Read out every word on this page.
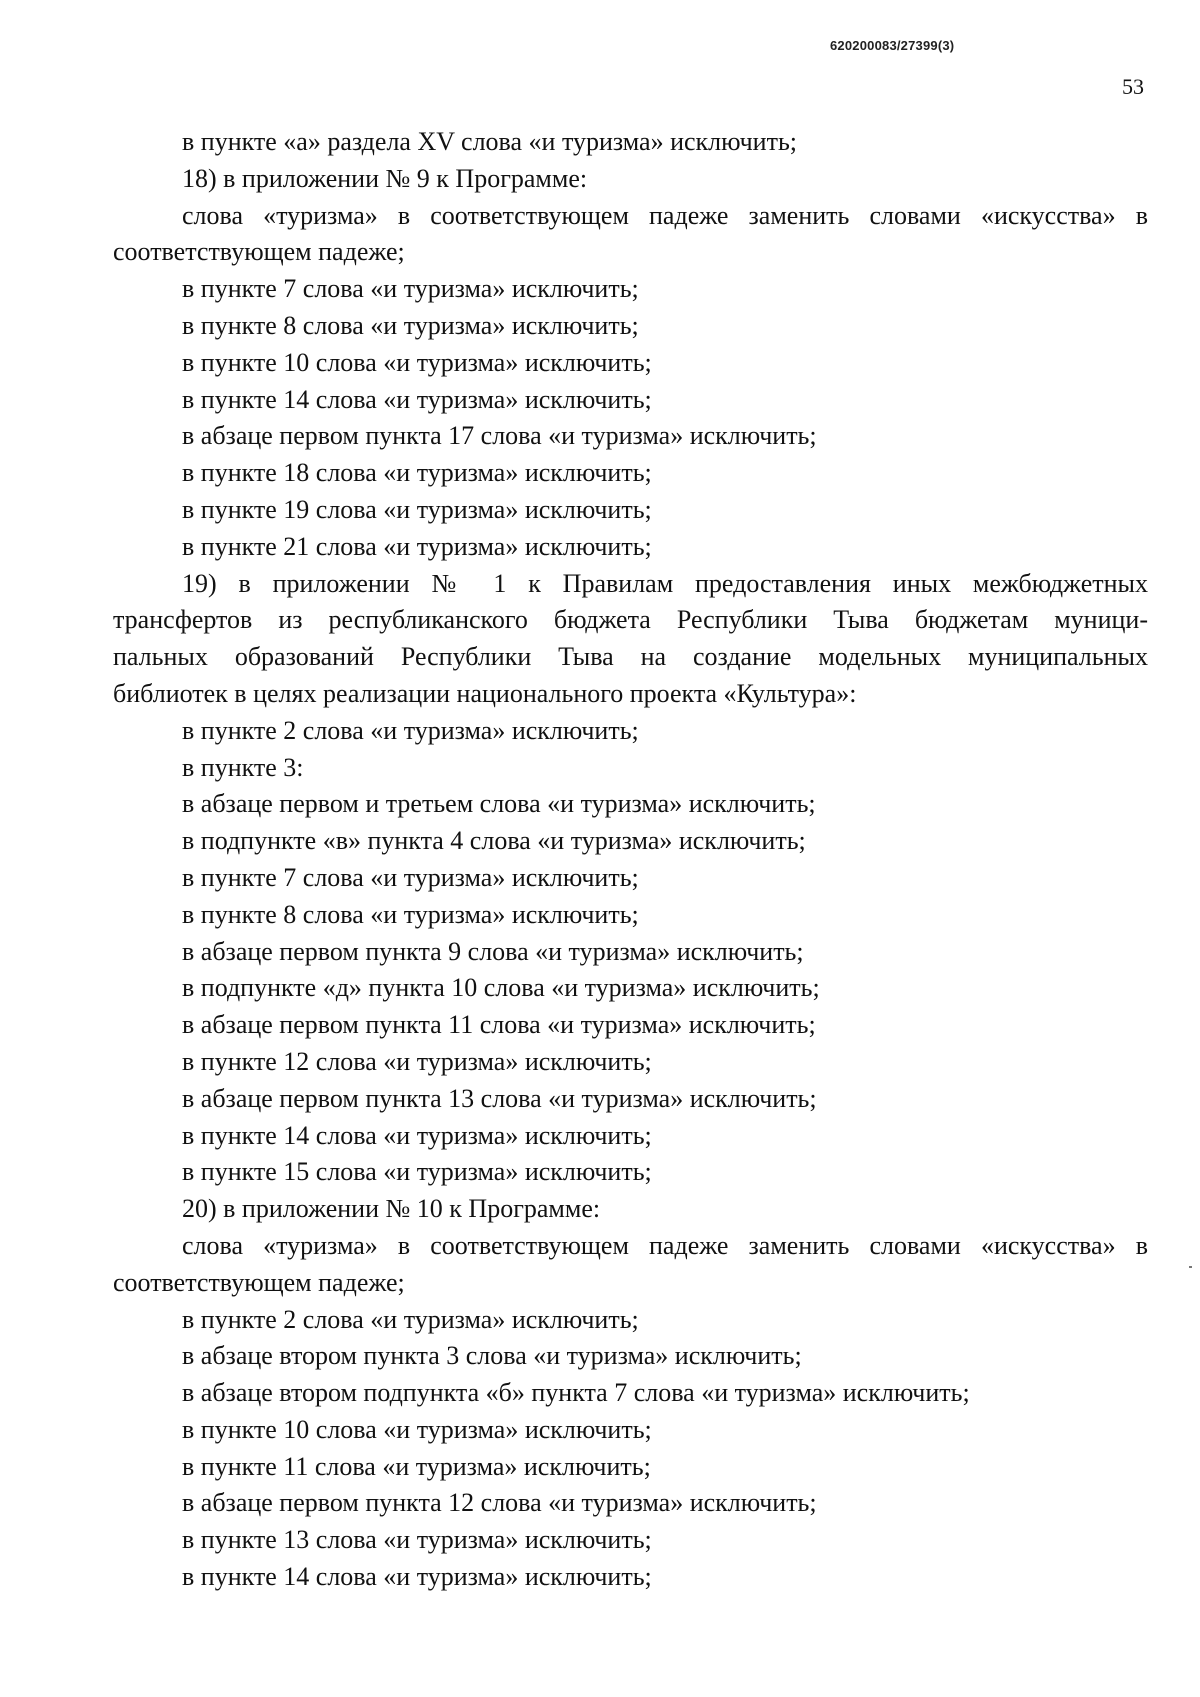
620200083/27399(3)
53
в пункте «а» раздела XV слова «и туризма» исключить;
18) в приложении № 9 к Программе:
слова «туризма» в соответствующем падеже заменить словами «искусства» в
соответствующем падеже;
в пункте 7 слова «и туризма» исключить;
в пункте 8 слова «и туризма» исключить;
в пункте 10 слова «и туризма» исключить;
в пункте 14 слова «и туризма» исключить;
в абзаце первом пункта 17 слова «и туризма» исключить;
в пункте 18 слова «и туризма» исключить;
в пункте 19 слова «и туризма» исключить;
в пункте 21 слова «и туризма» исключить;
19) в приложении № 1 к Правилам предоставления иных межбюджетных
трансфертов из республиканского бюджета Республики Тыва бюджетам муници-
пальных образований Республики Тыва на создание модельных муниципальных
библиотек в целях реализации национального проекта «Культура»:
в пункте 2 слова «и туризма» исключить;
в пункте 3:
в абзаце первом и третьем слова «и туризма» исключить;
в подпункте «в» пункта 4 слова «и туризма» исключить;
в пункте 7 слова «и туризма» исключить;
в пункте 8 слова «и туризма» исключить;
в абзаце первом пункта 9 слова «и туризма» исключить;
в подпункте «д» пункта 10 слова «и туризма» исключить;
в абзаце первом пункта 11 слова «и туризма» исключить;
в пункте 12 слова «и туризма» исключить;
в абзаце первом пункта 13 слова «и туризма» исключить;
в пункте 14 слова «и туризма» исключить;
в пункте 15 слова «и туризма» исключить;
20) в приложении № 10 к Программе:
слова «туризма» в соответствующем падеже заменить словами «искусства» в
соответствующем падеже;
в пункте 2 слова «и туризма» исключить;
в абзаце втором пункта 3 слова «и туризма» исключить;
в абзаце втором подпункта «б» пункта 7 слова «и туризма» исключить;
в пункте 10 слова «и туризма» исключить;
в пункте 11 слова «и туризма» исключить;
в абзаце первом пункта 12 слова «и туризма» исключить;
в пункте 13 слова «и туризма» исключить;
в пункте 14 слова «и туризма» исключить;
